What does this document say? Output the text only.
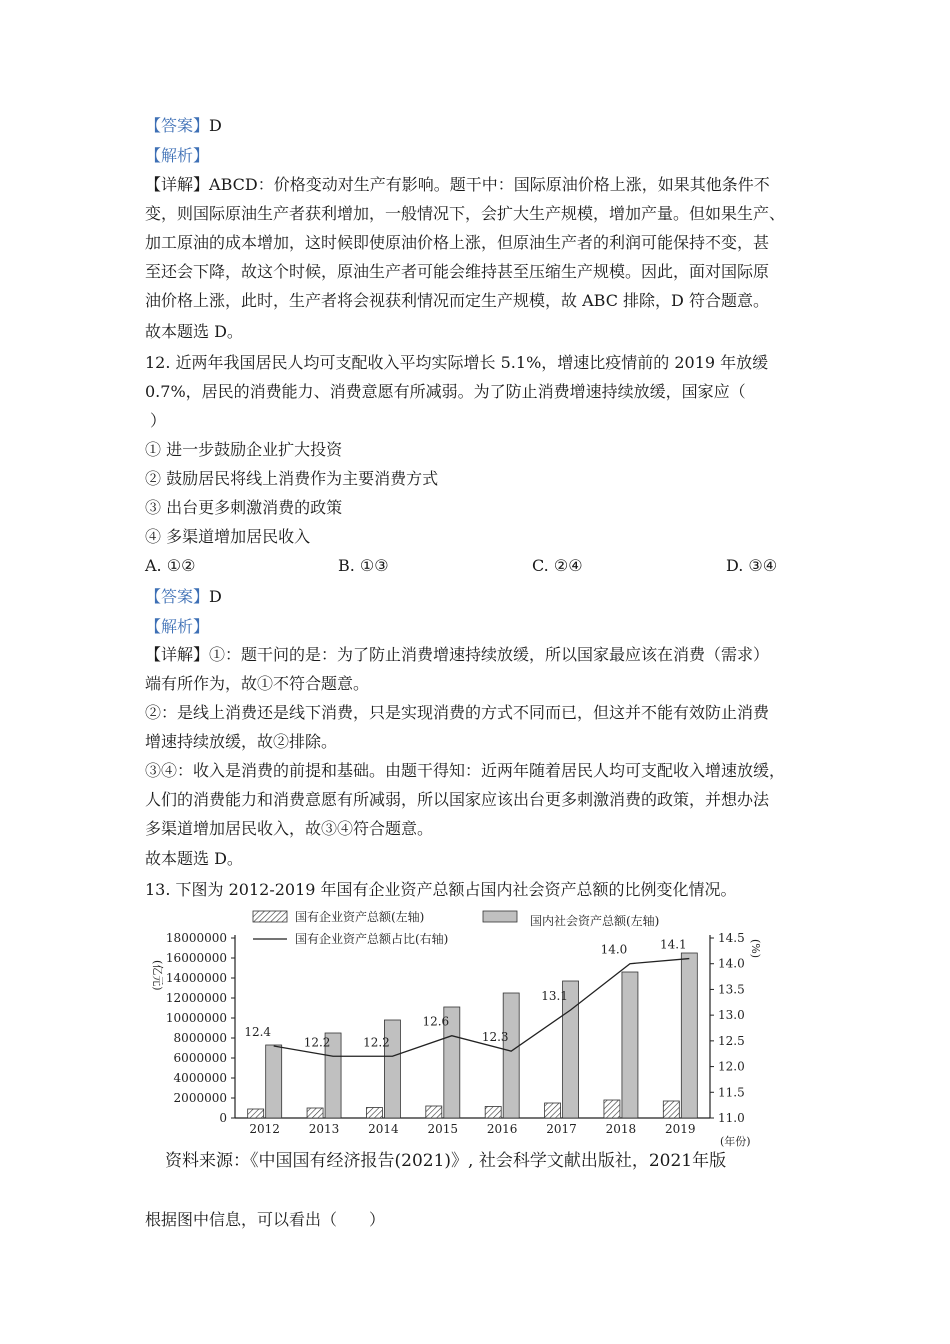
【答案】D
【解析】
【详解】ABCD：价格变动对生产有影响。题干中：国际原油价格上涨，如果其他条件不
变，则国际原油生产者获利增加，一般情况下，会扩大生产规模，增加产量。但如果生产、
加工原油的成本增加，这时候即使原油价格上涨，但原油生产者的利润可能保持不变，甚
至还会下降，故这个时候，原油生产者可能会维持甚至压缩生产规模。因此，面对国际原
油价格上涨，此时，生产者将会视获利情况而定生产规模，故 ABC 排除，D 符合题意。
故本题选 D。
12. 近两年我国居民人均可支配收入平均实际增长 5.1%，增速比疫情前的 2019 年放缓
0.7%，居民的消费能力、消费意愿有所减弱。为了防止消费增速持续放缓，国家应（
）
① 进一步鼓励企业扩大投资
② 鼓励居民将线上消费作为主要消费方式
③ 出台更多刺激消费的政策
④ 多渠道增加居民收入
A. ①②	B. ①③	C. ②④	D. ③④
【答案】D
【解析】
【详解】①：题干问的是：为了防止消费增速持续放缓，所以国家最应该在消费（需求）
端有所作为，故①不符合题意。
②：是线上消费还是线下消费，只是实现消费的方式不同而已，但这并不能有效防止消费
增速持续放缓，故②排除。
③④：收入是消费的前提和基础。由题干得知：近两年随着居民人均可支配收入增速放缓，
人们的消费能力和消费意愿有所减弱，所以国家应该出台更多刺激消费的政策，并想办法
多渠道增加居民收入，故③④符合题意。
故本题选 D。
13. 下图为 2012-2019 年国有企业资产总额占国内社会资产总额的比例变化情况。
国有企业资产总额(左轴)	国内社会资产总额(左轴)
国有企业资产总额占比(右轴)
(亿元)
(%)
(年份)
0
2000000
4000000
6000000
8000000
10000000
12000000
14000000
16000000
18000000
11.0
11.5
12.0
12.5
13.0
13.5
14.0
14.5
2012 2013 2014 2015 2016 2017 2018 2019
12.4
12.2	12.2
12.6
12.3
13.1
14.0	14.1
资料来源：《中国国有经济报告(2021)》, 社会科学文献出版社，2021年版
根据图中信息，可以看出（　　）
